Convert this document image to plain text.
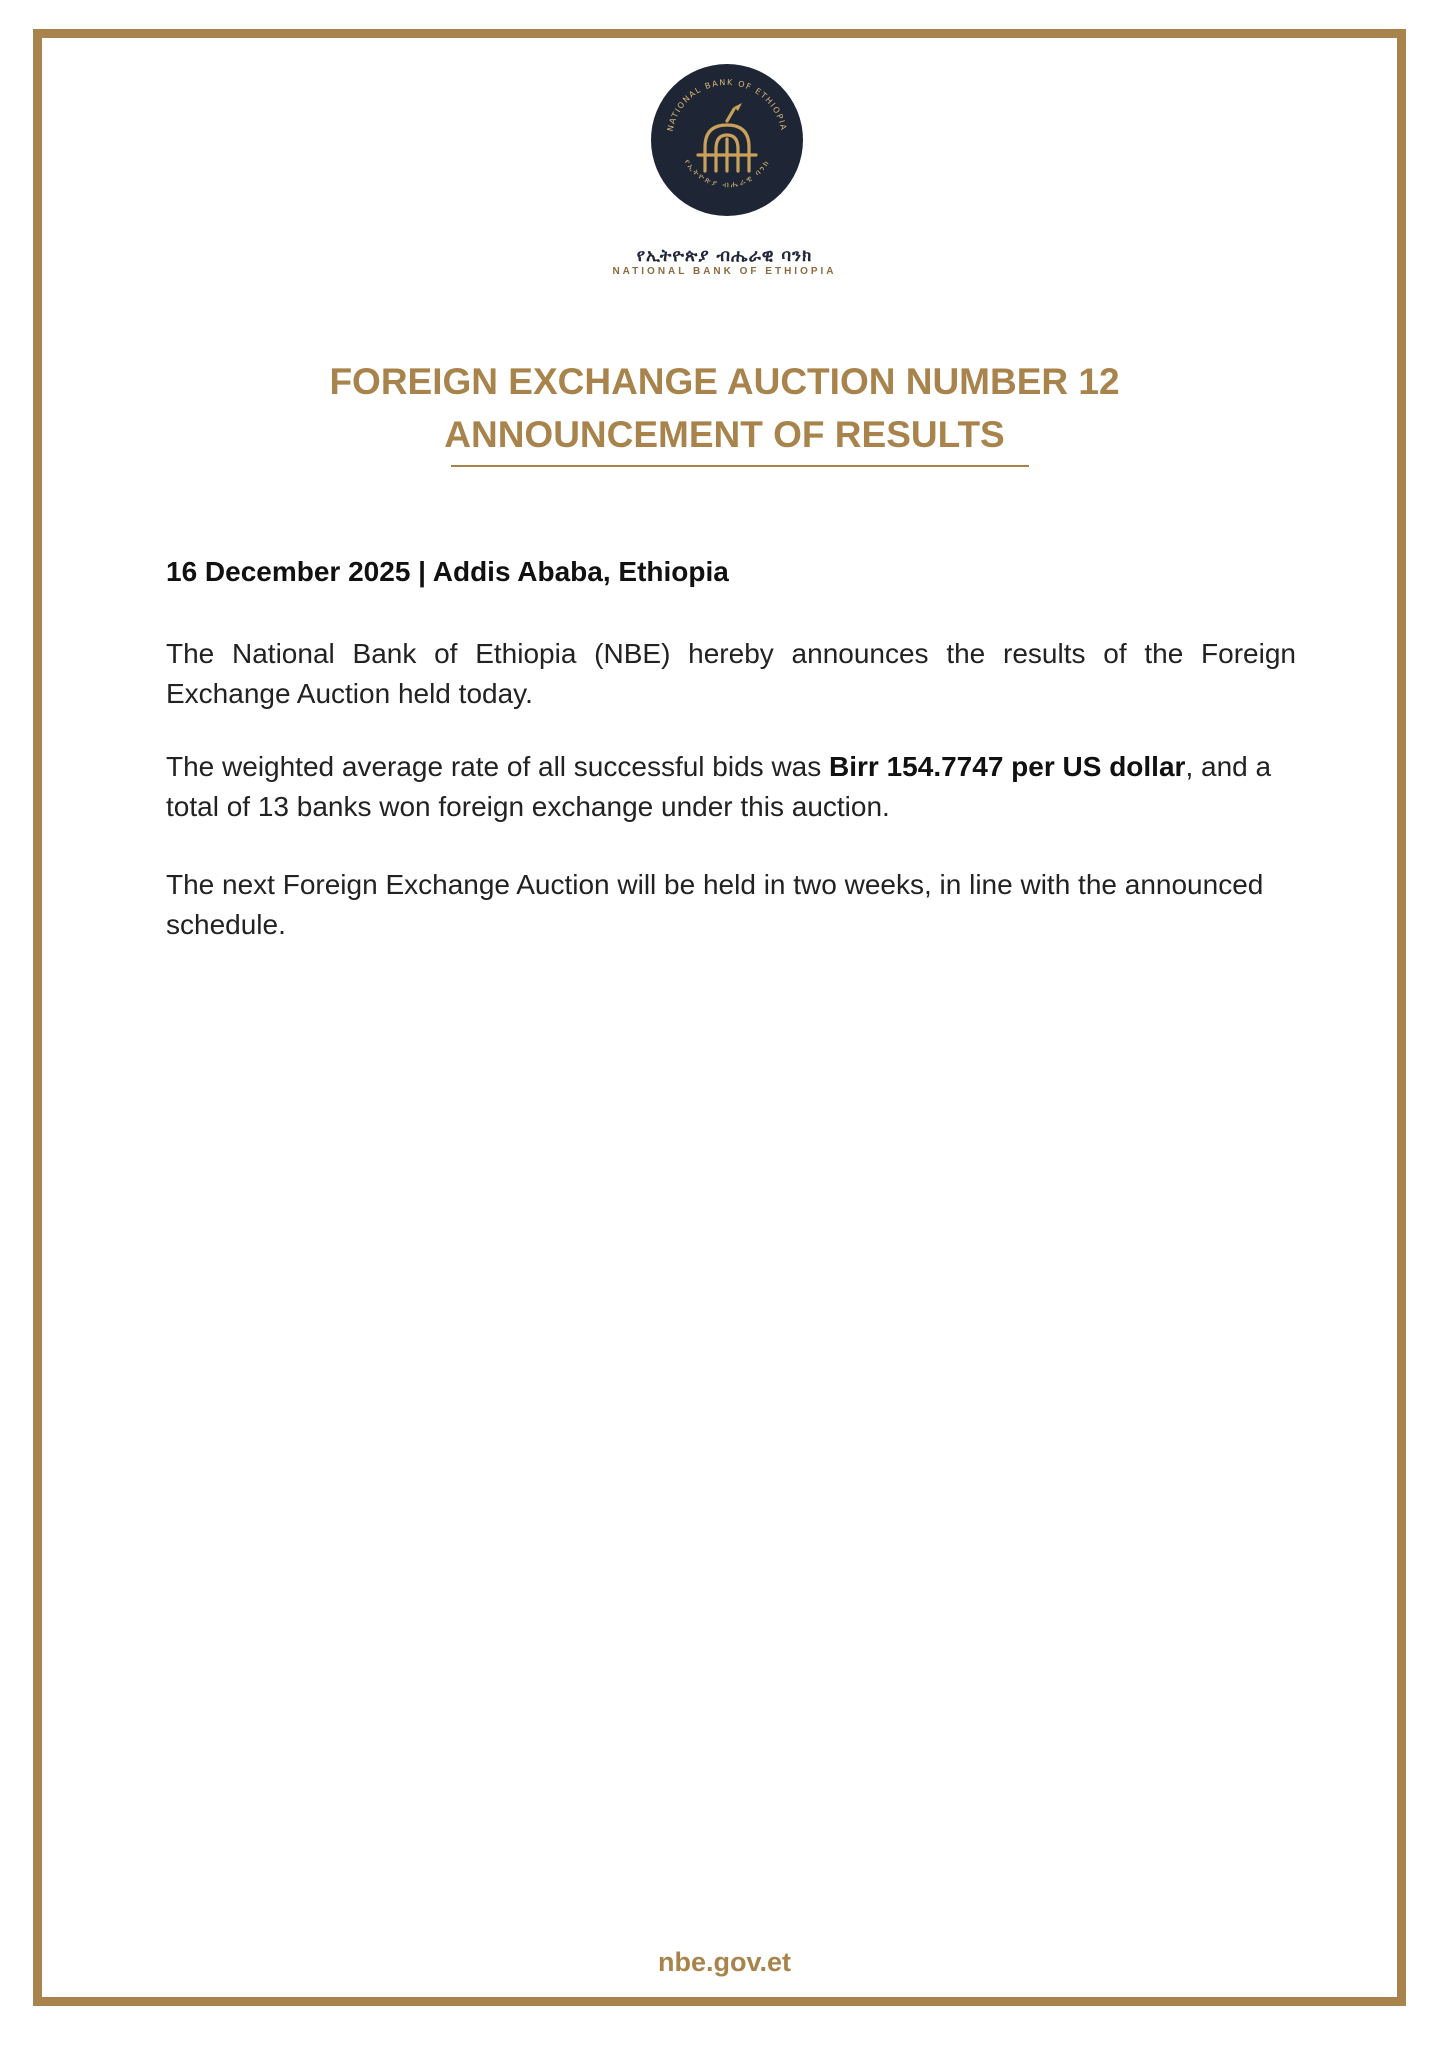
NATIONAL BANK OF ETHIOPIA
የኢትዮጵያ ብሔራዊ ባንክ
የኢትዮጵያ ብሔራዊ ባንክ
NATIONAL BANK OF ETHIOPIA
FOREIGN EXCHANGE AUCTION NUMBER 12
ANNOUNCEMENT OF RESULTS
16 December 2025 | Addis Ababa, Ethiopia
The National Bank of Ethiopia (NBE) hereby announces the results of the Foreign Exchange Auction held today.
The weighted average rate of all successful bids was Birr 154.7747 per US dollar, and a total of 13 banks won foreign exchange under this auction.
The next Foreign Exchange Auction will be held in two weeks, in line with the announced schedule.
nbe.gov.et
